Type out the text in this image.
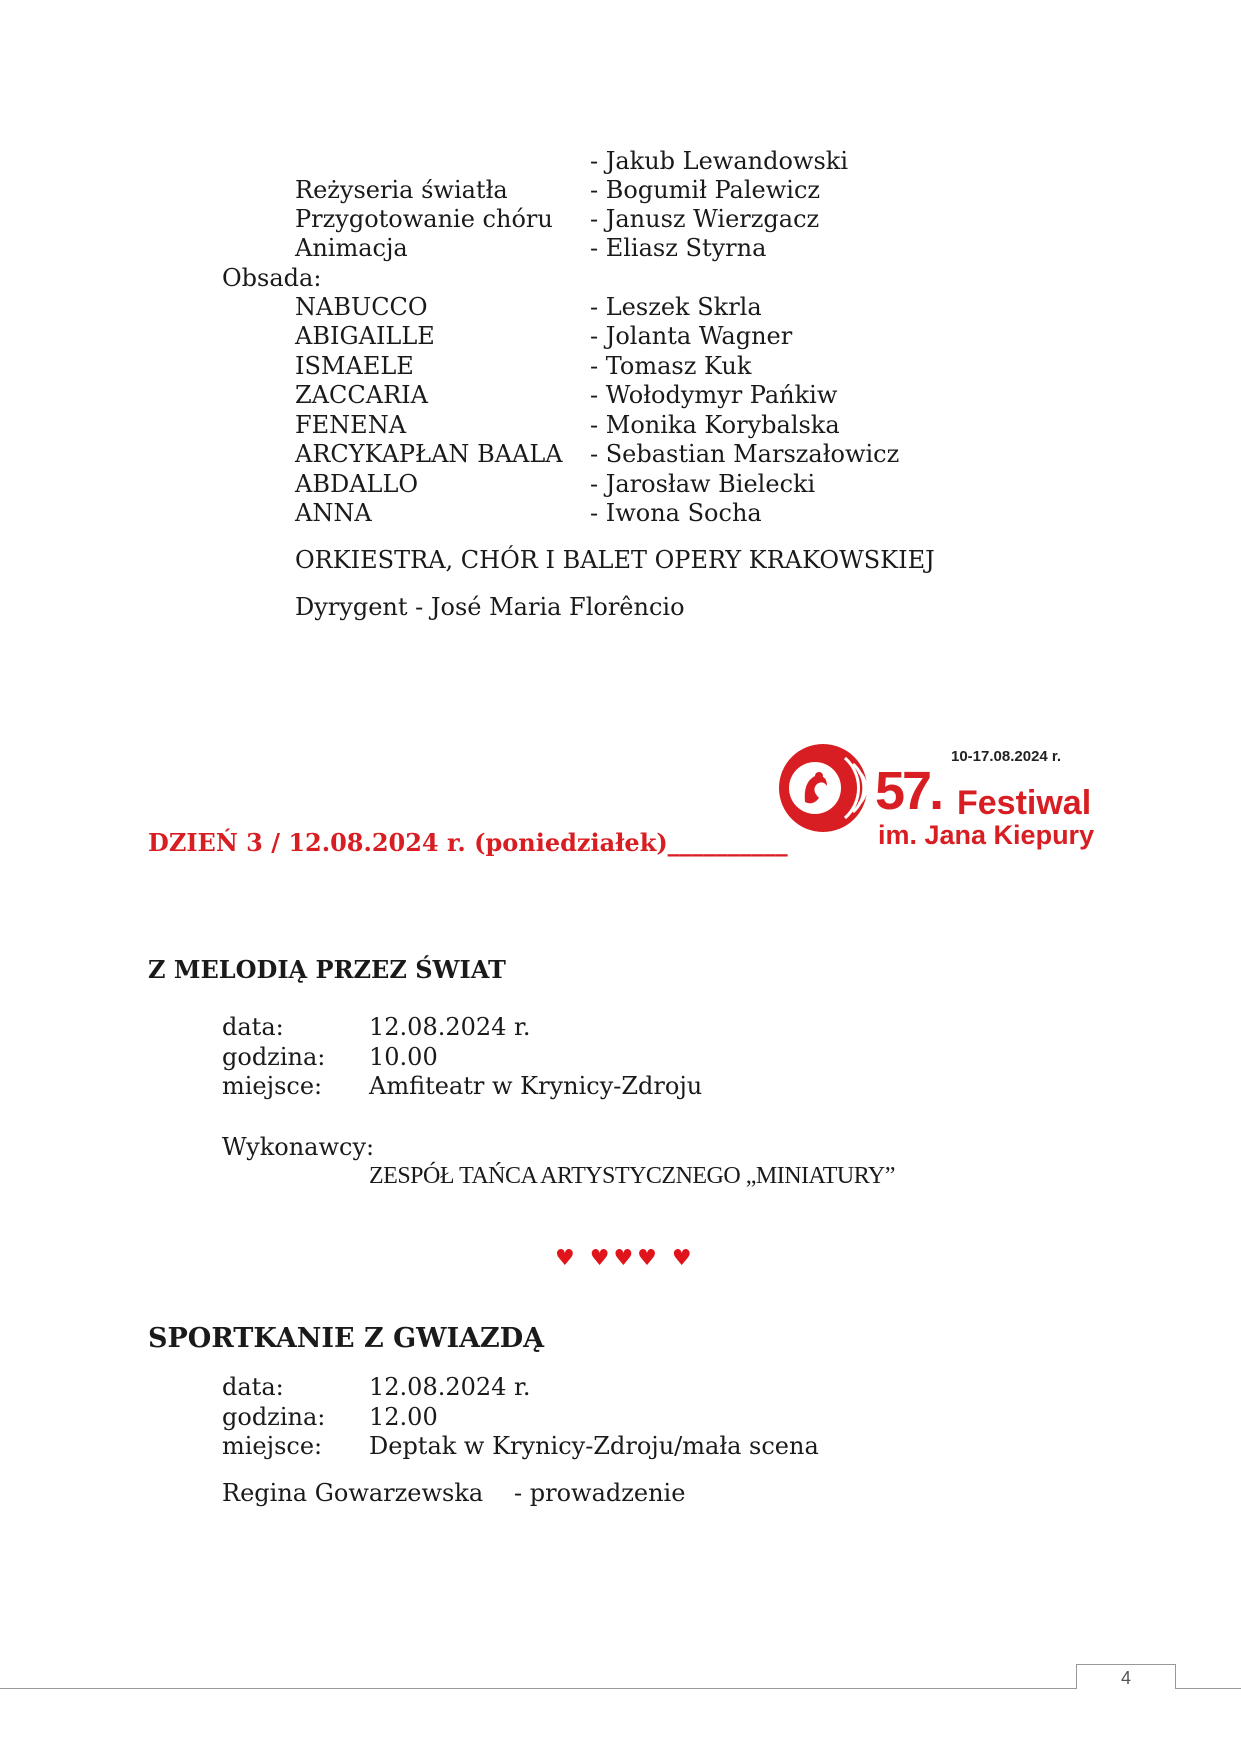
- Jakub Lewandowski
Reżyseria światła	- Bogumił Palewicz
Przygotowanie chóru - Janusz Wierzgacz
Animacja	- Eliasz Styrna
Obsada:
NABUCCO	- Leszek Skrla
ABIGAILLE	- Jolanta Wagner
ISMAELE	- Tomasz Kuk
ZACCARIA	- Wołodymyr Pańkiw
FENENA	- Monika Korybalska
ARCYKAPŁAN BAALA - Sebastian Marszałowicz
ABDALLO	- Jarosław Bielecki
ANNA	- Iwona Socha
ORKIESTRA, CHÓR I BALET OPERY KRAKOWSKIEJ
Dyrygent - José Maria Florêncio
DZIEŃ 3 / 12.08.2024 r. (poniedziałek)__________
10-17.08.2024 r.
57. Festiwal
im. Jana Kiepury
Z MELODIĄ PRZEZ ŚWIAT
data:	12.08.2024 r.
godzina: 10.00
miejsce: Amfiteatr w Krynicy-Zdroju
Wykonawcy:
ZESPÓŁ TAŃCA ARTYSTYCZNEGO „MINIATURY”
♥ ♥♥♥ ♥
SPORTKANIE Z GWIAZDĄ
data:	12.08.2024 r.
godzina: 12.00
miejsce: Deptak w Krynicy-Zdroju/mała scena
Regina Gowarzewska - prowadzenie
4
